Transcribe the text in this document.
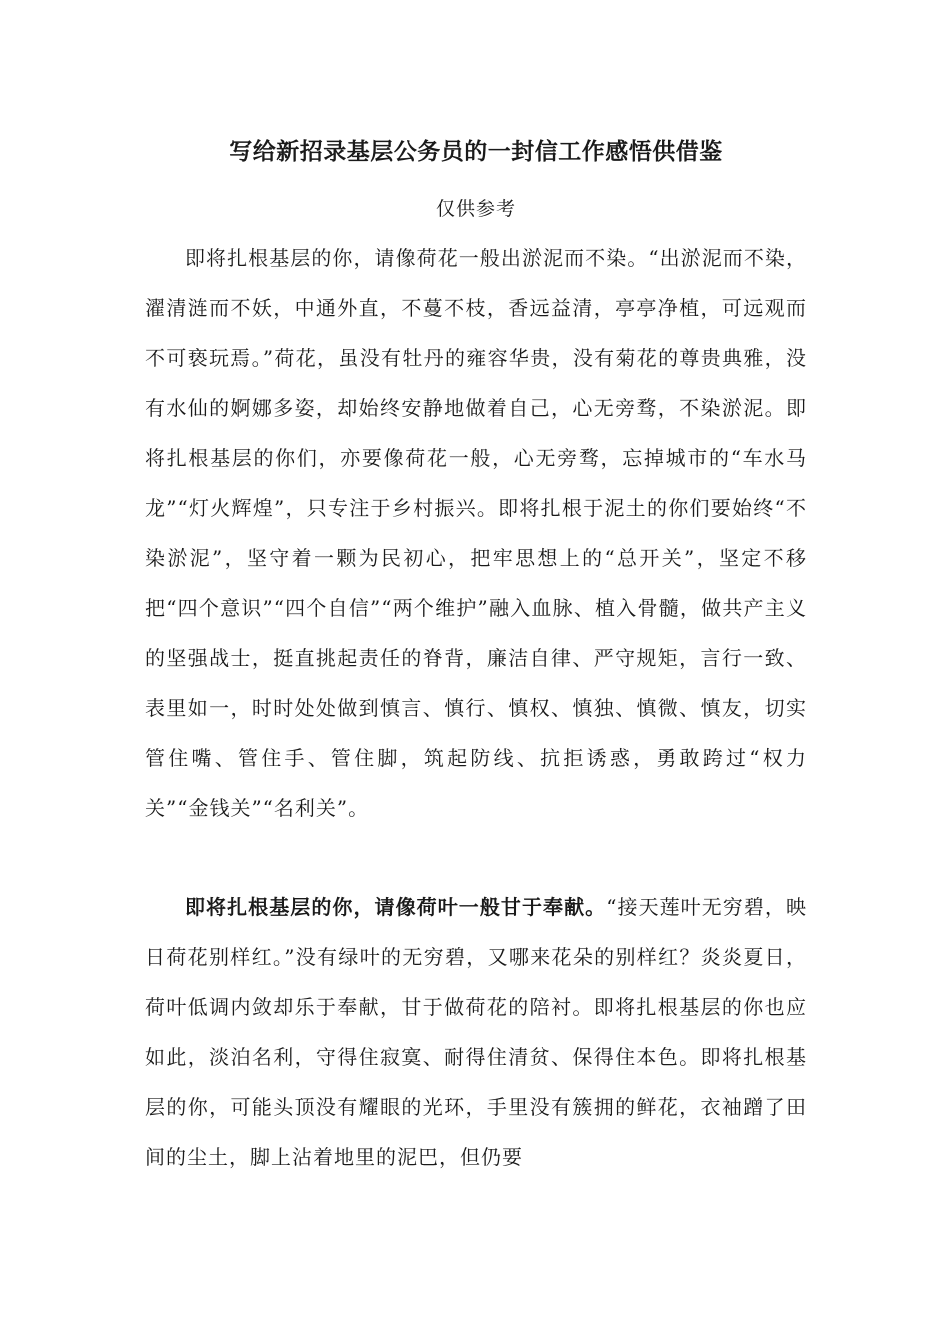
写给新招录基层公务员的一封信工作感悟供借鉴

仅供参考

即将扎根基层的你，请像荷花一般出淤泥而不染。“出淤泥而不染，濯清涟而不妖，中通外直，不蔓不枝，香远益清，亭亭净植，可远观而不可亵玩焉。”荷花，虽没有牡丹的雍容华贵，没有菊花的尊贵典雅，没有水仙的婀娜多姿，却始终安静地做着自己，心无旁骛，不染淤泥。即将扎根基层的你们，亦要像荷花一般，心无旁骛，忘掉城市的“车水马龙”“灯火辉煌”，只专注于乡村振兴。即将扎根于泥土的你们要始终“不染淤泥”，坚守着一颗为民初心，把牢思想上的“总开关”，坚定不移把“四个意识”“四个自信”“两个维护”融入血脉、植入骨髓，做共产主义的坚强战士，挺直挑起责任的脊背，廉洁自律、严守规矩，言行一致、表里如一，时时处处做到慎言、慎行、慎权、慎独、慎微、慎友，切实管住嘴、管住手、管住脚，筑起防线、抗拒诱惑，勇敢跨过“权力关”“金钱关”“名利关”。

即将扎根基层的你，请像荷叶一般甘于奉献。“接天莲叶无穷碧，映日荷花别样红。”没有绿叶的无穷碧，又哪来花朵的别样红？炎炎夏日，荷叶低调内敛却乐于奉献，甘于做荷花的陪衬。即将扎根基层的你也应如此，淡泊名利，守得住寂寞、耐得住清贫、保得住本色。即将扎根基层的你，可能头顶没有耀眼的光环，手里没有簇拥的鲜花，衣袖蹭了田间的尘土，脚上沾着地里的泥巴，但仍要
